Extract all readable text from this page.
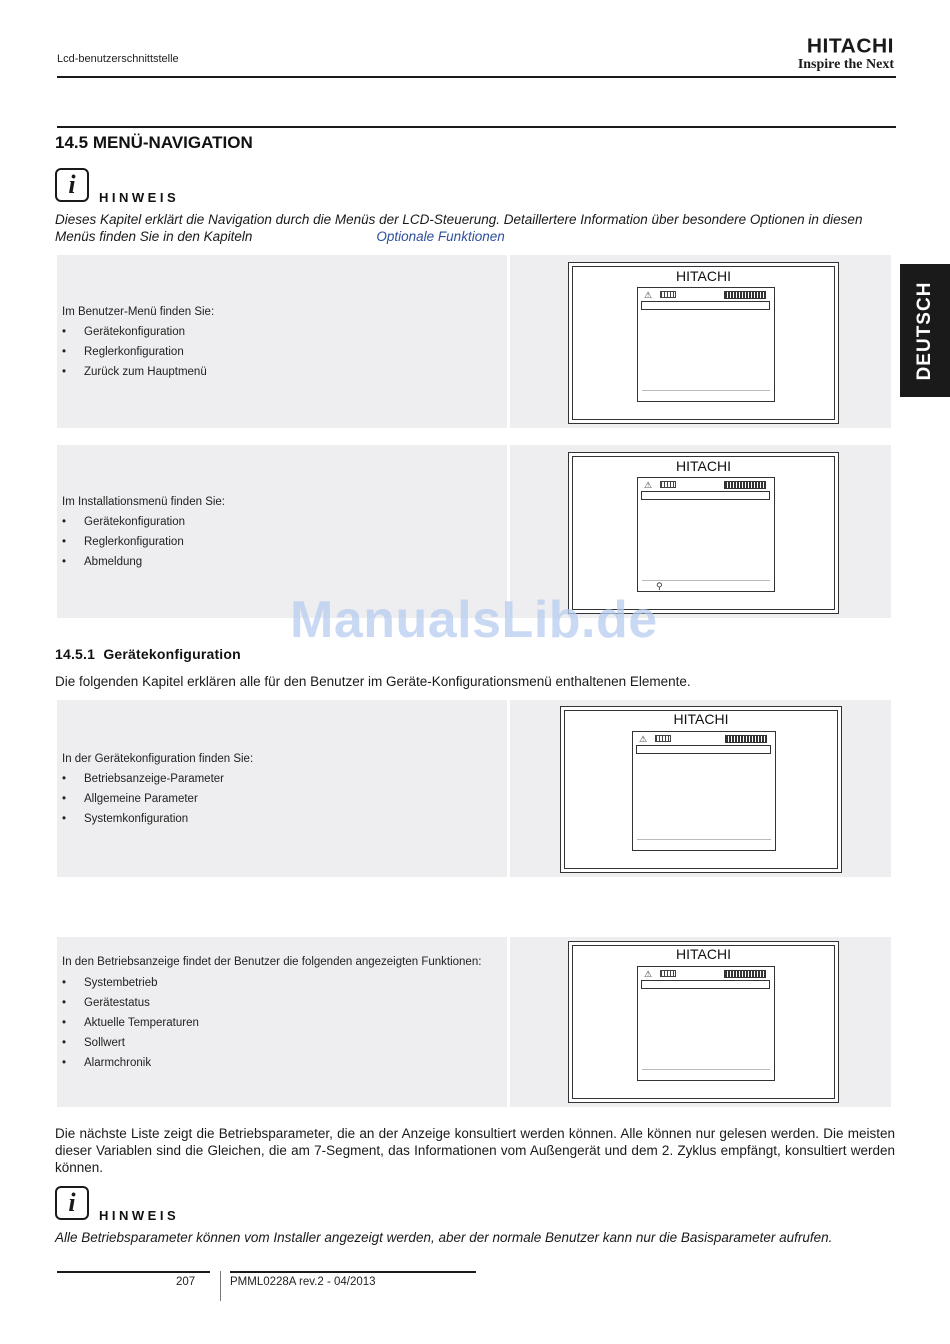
Lcd-benutzerschnittstelle
HITACHI
Inspire the Next
14.5 MENÜ-NAVIGATION
i HINWEIS
Dieses Kapitel erklärt die Navigation durch die Menüs der LCD-Steuerung. Detaillertere Information über besondere Optionen in diesen Menüs finden Sie in den Kapiteln	Optionale Funktionen
DEUTSCH
Im Benutzer-Menü finden Sie:
• Gerätekonfiguration
• Reglerkonfiguration
• Zurück zum Hauptmenü
HITACHI
⚠
Im Installationsmenü finden Sie:
• Gerätekonfiguration
• Reglerkonfiguration
• Abmeldung
HITACHI
⚠
⚲
ManualsLib.de
14.5.1 Gerätekonfiguration
Die folgenden Kapitel erklären alle für den Benutzer im Geräte-Konfigurationsmenü enthaltenen Elemente.
In der Gerätekonfiguration finden Sie:
• Betriebsanzeige-Parameter
• Allgemeine Parameter
• Systemkonfiguration
HITACHI
⚠
In den Betriebsanzeige findet der Benutzer die folgenden angezeigten Funktionen:
• Systembetrieb
• Gerätestatus
• Aktuelle Temperaturen
• Sollwert
• Alarmchronik
HITACHI
⚠
Die nächste Liste zeigt die Betriebsparameter, die an der Anzeige konsultiert werden können. Alle können nur gelesen werden. Die meisten dieser Variablen sind die Gleichen, die am 7-Segment, das Informationen vom Außengerät und dem 2. Zyklus empfängt, konsultiert werden können.
i HINWEIS
Alle Betriebsparameter können vom Installer angezeigt werden, aber der normale Benutzer kann nur die Basisparameter aufrufen.
207	PMML0228A rev.2 - 04/2013
